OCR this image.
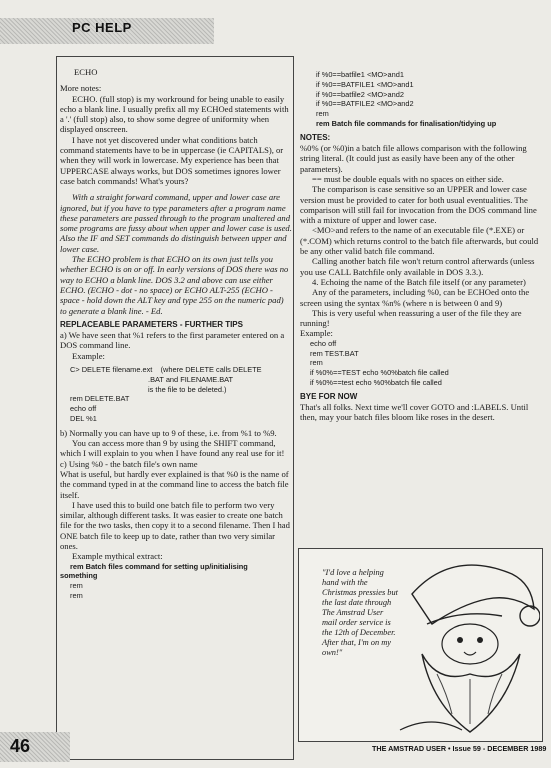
PC HELP

ECHO

More notes:

ECHO. (full stop) is my workround for being unable to easily echo a blank line. I usually prefix all my ECHOed statements with a '.' (full stop) also, to show some degree of uniformity when displayed onscreen.

I have not yet discovered under what conditions batch command statements have to be in uppercase (ie CAPITALS), or when they will work in lowercase. My experience has been that UPPERCASE always works, but DOS sometimes ignores lower case batch commands! What's yours?

With a straight forward command, upper and lower case are ignored, but if you have to type parameters after a program name these parameters are passed through to the program unaltered and some programs are fussy about when upper and lower case is used. Also the IF and SET commands do distinguish between upper and lower case.

The ECHO problem is that ECHO on its own just tells you whether ECHO is on or off. In early versions of DOS there was no way to ECHO a blank line. DOS 3.2 and above can use either ECHO. (ECHO - dot - no space) or ECHO ALT-255 (ECHO - space - hold down the ALT key and type 255 on the numeric pad) to generate a blank line. - Ed.

REPLACEABLE PARAMETERS - FURTHER TIPS

a) We have seen that %1 refers to the first parameter entered on a DOS command line.

Example:

C> DELETE filename.ext    (where DELETE calls DELETE
.BAT and FILENAME.BAT
is the file to be deleted.)
rem DELETE.BAT
echo off
DEL %1

b) Normally you can have up to 9 of these, i.e. from %1 to %9.

You can access more than 9 by using the SHIFT command, which I will explain to you when I have found any real use for it!

c) Using %0 - the batch file's own name

What is useful, but hardly ever explained is that %0 is the name of the command typed in at the command line to access the batch file itself.

I have used this to build one batch file to perform two very similar, although different tasks. It was easier to create one batch file for the two tasks, then copy it to a second filename. Then I had ONE batch file to keep up to date, rather than two very similar ones.

Example mythical extract:

rem Batch files command for setting up/initialising
something
rem
rem
if %0==batfile1 <MO>and1
if %0==BATFILE1 <MO>and1
if %0==batfile2 <MO>and2
if %0==BATFILE2 <MO>and2
rem
rem Batch file commands for finalisation/tidying up

NOTES:

%0% (or %0)in a batch file allows comparison with the following string literal. (It could just as easily have been any of the other parameters).

== must be double equals with no spaces on either side.

The comparison is case sensitive so an UPPER and lower case version must be provided to cater for both usual eventualities. The comparison will still fail for invocation from the DOS command line with a mixture of upper and lower case.

<MO>and refers to the name of an executable file (*.EXE) or (*.COM) which returns control to the batch file afterwards, but could be any other valid batch file command.

Calling another batch file won't return control afterwards (unless you use CALL Batchfile only available in DOS 3.3.).

4. Echoing the name of the Batch file itself (or any parameter)

Any of the parameters, including %0, can be ECHOed onto the screen using the syntax %n% (where n is between 0 and 9)

This is very useful when reassuring a user of the file they are running!

Example:

echo off
rem TEST.BAT
rem
if %0%==TEST echo %0%batch file called
if %0%==test echo %0%batch file called

BYE FOR NOW

That's all folks. Next time we'll cover GOTO and :LABELS. Until then, may your batch files bloom like roses in the desert.

"I'd love a helping hand with the Christmas pressies but the last date through The Amstrad User mail order service is the 12th of December. After that, I'm on my own!"
46	THE AMSTRAD USER • Issue 59 - DECEMBER 1989
